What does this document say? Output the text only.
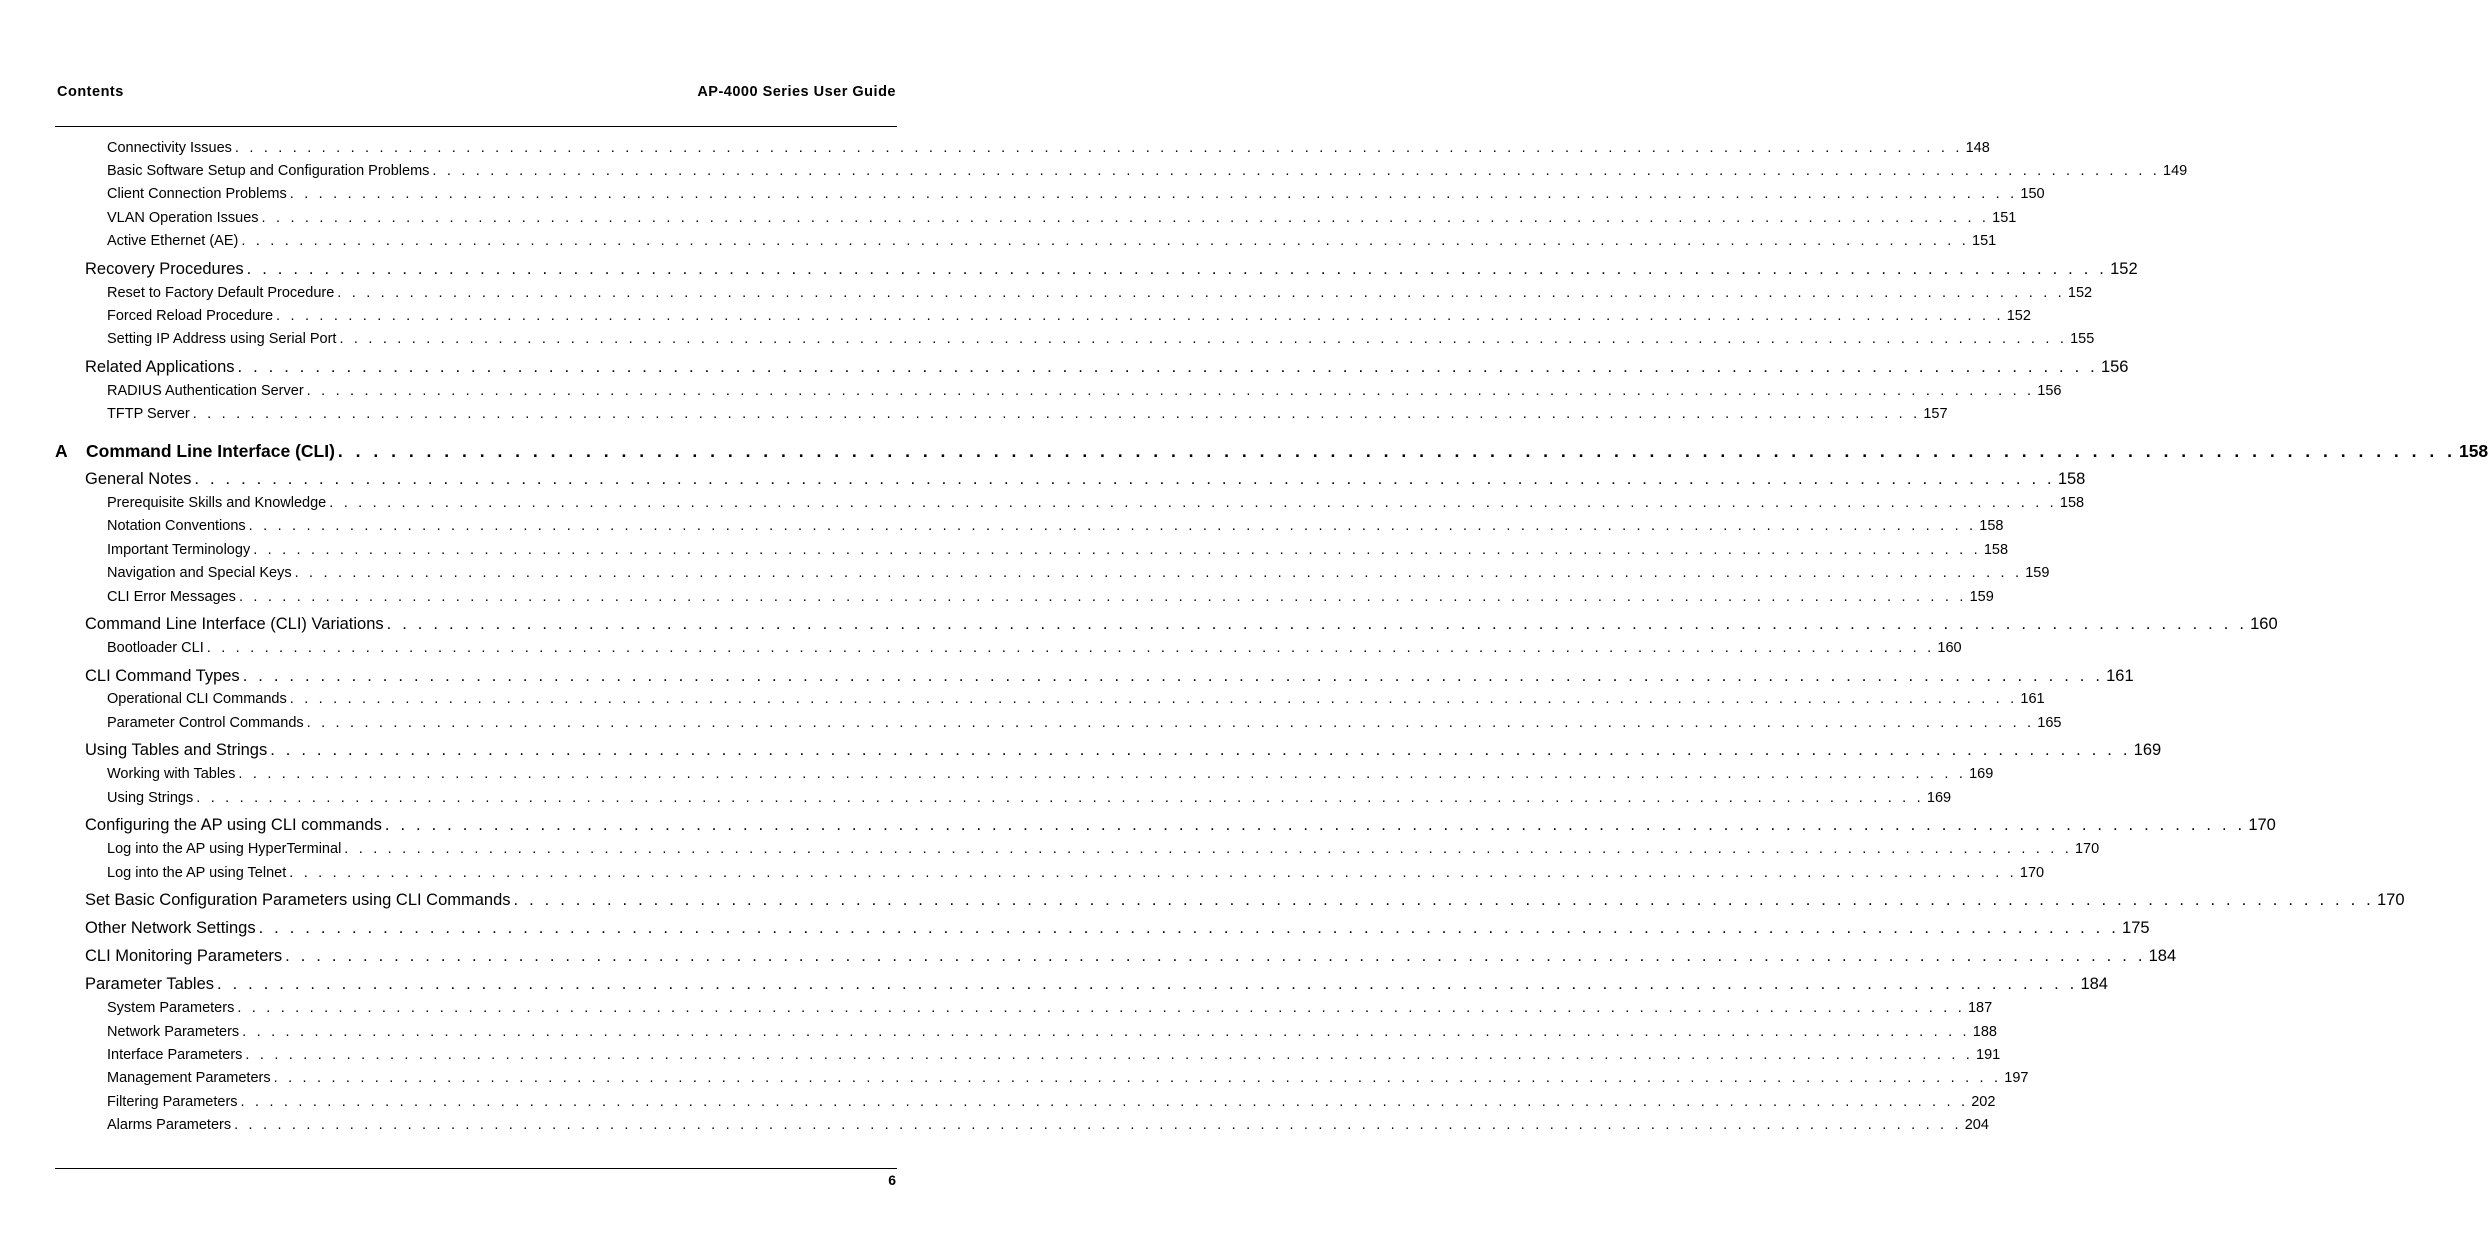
Contents	AP-4000 Series User Guide
Connectivity Issues . . . . . . . . . . . . . . . . . . . . . . . . . . . . . . . . . . . . . . . . . . . . . . . . . . . . . . . . . . . . . . . . . . . . . . . . . . . . . . . . . . . . . . . . . . . . . . . . . . . . . . . . . . . . . . . . . . . . . . . . 148
Basic Software Setup and Configuration Problems . . . . . . . . . . . . . . . . . . . . . . . . . . . . . . . . . . . . . . . . . . . . . . . . . . . . . . . . . . . . . . . . . . . . . . . . . . . . . . . . . . . . . . . . . . . . . . . . . . . . . . . . . . . . . . . . . . . . . . . . 149
Client Connection Problems . . . . . . . . . . . . . . . . . . . . . . . . . . . . . . . . . . . . . . . . . . . . . . . . . . . . . . . . . . . . . . . . . . . . . . . . . . . . . . . . . . . . . . . . . . . . . . . . . . . . . . . . . . . . . . . . . . . . . . . . 150
VLAN Operation Issues . . . . . . . . . . . . . . . . . . . . . . . . . . . . . . . . . . . . . . . . . . . . . . . . . . . . . . . . . . . . . . . . . . . . . . . . . . . . . . . . . . . . . . . . . . . . . . . . . . . . . . . . . . . . . . . . . . . . . . . . 151
Active Ethernet (AE) . . . . . . . . . . . . . . . . . . . . . . . . . . . . . . . . . . . . . . . . . . . . . . . . . . . . . . . . . . . . . . . . . . . . . . . . . . . . . . . . . . . . . . . . . . . . . . . . . . . . . . . . . . . . . . . . . . . . . . . . 151
Recovery Procedures . . . . . . . . . . . . . . . . . . . . . . . . . . . . . . . . . . . . . . . . . . . . . . . . . . . . . . . . . . . . . . . . . . . . . . . . . . . . . . . . . . . . . . . . . . . . . . . . . . . . . . . . . . . . . . . . . . . . . . . . 152
Reset to Factory Default Procedure . . . . . . . . . . . . . . . . . . . . . . . . . . . . . . . . . . . . . . . . . . . . . . . . . . . . . . . . . . . . . . . . . . . . . . . . . . . . . . . . . . . . . . . . . . . . . . . . . . . . . . . . . . . . . . . . . . . . . . . . 152
Forced Reload Procedure . . . . . . . . . . . . . . . . . . . . . . . . . . . . . . . . . . . . . . . . . . . . . . . . . . . . . . . . . . . . . . . . . . . . . . . . . . . . . . . . . . . . . . . . . . . . . . . . . . . . . . . . . . . . . . . . . . . . . . . . 152
Setting IP Address using Serial Port . . . . . . . . . . . . . . . . . . . . . . . . . . . . . . . . . . . . . . . . . . . . . . . . . . . . . . . . . . . . . . . . . . . . . . . . . . . . . . . . . . . . . . . . . . . . . . . . . . . . . . . . . . . . . . . . . . . . . . . . 155
Related Applications . . . . . . . . . . . . . . . . . . . . . . . . . . . . . . . . . . . . . . . . . . . . . . . . . . . . . . . . . . . . . . . . . . . . . . . . . . . . . . . . . . . . . . . . . . . . . . . . . . . . . . . . . . . . . . . . . . . . . . . . 156
RADIUS Authentication Server . . . . . . . . . . . . . . . . . . . . . . . . . . . . . . . . . . . . . . . . . . . . . . . . . . . . . . . . . . . . . . . . . . . . . . . . . . . . . . . . . . . . . . . . . . . . . . . . . . . . . . . . . . . . . . . . . . . . . . . . 156
TFTP Server . . . . . . . . . . . . . . . . . . . . . . . . . . . . . . . . . . . . . . . . . . . . . . . . . . . . . . . . . . . . . . . . . . . . . . . . . . . . . . . . . . . . . . . . . . . . . . . . . . . . . . . . . . . . . . . . . . . . . . . . 157
A Command Line Interface (CLI) . . . . . . . . . . . . . . . . . . . . . . . . . . . . . . . . . . . . . . . . . . . . . . . . . . . . . . . . . . . . . . . . . . . . . . . . . . . . . . . . . . . . . . . . . . . . . . . . . . . . . . . . . . . . . . . . . . . . . . . . 158
General Notes . . . . . . . . . . . . . . . . . . . . . . . . . . . . . . . . . . . . . . . . . . . . . . . . . . . . . . . . . . . . . . . . . . . . . . . . . . . . . . . . . . . . . . . . . . . . . . . . . . . . . . . . . . . . . . . . . . . . . . . . 158
Prerequisite Skills and Knowledge . . . . . . . . . . . . . . . . . . . . . . . . . . . . . . . . . . . . . . . . . . . . . . . . . . . . . . . . . . . . . . . . . . . . . . . . . . . . . . . . . . . . . . . . . . . . . . . . . . . . . . . . . . . . . . . . . . . . . . . . 158
Notation Conventions . . . . . . . . . . . . . . . . . . . . . . . . . . . . . . . . . . . . . . . . . . . . . . . . . . . . . . . . . . . . . . . . . . . . . . . . . . . . . . . . . . . . . . . . . . . . . . . . . . . . . . . . . . . . . . . . . . . . . . . . 158
Important Terminology . . . . . . . . . . . . . . . . . . . . . . . . . . . . . . . . . . . . . . . . . . . . . . . . . . . . . . . . . . . . . . . . . . . . . . . . . . . . . . . . . . . . . . . . . . . . . . . . . . . . . . . . . . . . . . . . . . . . . . . . 158
Navigation and Special Keys . . . . . . . . . . . . . . . . . . . . . . . . . . . . . . . . . . . . . . . . . . . . . . . . . . . . . . . . . . . . . . . . . . . . . . . . . . . . . . . . . . . . . . . . . . . . . . . . . . . . . . . . . . . . . . . . . . . . . . . . 159
CLI Error Messages . . . . . . . . . . . . . . . . . . . . . . . . . . . . . . . . . . . . . . . . . . . . . . . . . . . . . . . . . . . . . . . . . . . . . . . . . . . . . . . . . . . . . . . . . . . . . . . . . . . . . . . . . . . . . . . . . . . . . . . . 159
Command Line Interface (CLI) Variations . . . . . . . . . . . . . . . . . . . . . . . . . . . . . . . . . . . . . . . . . . . . . . . . . . . . . . . . . . . . . . . . . . . . . . . . . . . . . . . . . . . . . . . . . . . . . . . . . . . . . . . . . . . . . . . . . . . . . . . . 160
Bootloader CLI . . . . . . . . . . . . . . . . . . . . . . . . . . . . . . . . . . . . . . . . . . . . . . . . . . . . . . . . . . . . . . . . . . . . . . . . . . . . . . . . . . . . . . . . . . . . . . . . . . . . . . . . . . . . . . . . . . . . . . . . 160
CLI Command Types . . . . . . . . . . . . . . . . . . . . . . . . . . . . . . . . . . . . . . . . . . . . . . . . . . . . . . . . . . . . . . . . . . . . . . . . . . . . . . . . . . . . . . . . . . . . . . . . . . . . . . . . . . . . . . . . . . . . . . . . 161
Operational CLI Commands . . . . . . . . . . . . . . . . . . . . . . . . . . . . . . . . . . . . . . . . . . . . . . . . . . . . . . . . . . . . . . . . . . . . . . . . . . . . . . . . . . . . . . . . . . . . . . . . . . . . . . . . . . . . . . . . . . . . . . . . 161
Parameter Control Commands . . . . . . . . . . . . . . . . . . . . . . . . . . . . . . . . . . . . . . . . . . . . . . . . . . . . . . . . . . . . . . . . . . . . . . . . . . . . . . . . . . . . . . . . . . . . . . . . . . . . . . . . . . . . . . . . . . . . . . . . 165
Using Tables and Strings . . . . . . . . . . . . . . . . . . . . . . . . . . . . . . . . . . . . . . . . . . . . . . . . . . . . . . . . . . . . . . . . . . . . . . . . . . . . . . . . . . . . . . . . . . . . . . . . . . . . . . . . . . . . . . . . . . . . . . . . 169
Working with Tables . . . . . . . . . . . . . . . . . . . . . . . . . . . . . . . . . . . . . . . . . . . . . . . . . . . . . . . . . . . . . . . . . . . . . . . . . . . . . . . . . . . . . . . . . . . . . . . . . . . . . . . . . . . . . . . . . . . . . . . . 169
Using Strings . . . . . . . . . . . . . . . . . . . . . . . . . . . . . . . . . . . . . . . . . . . . . . . . . . . . . . . . . . . . . . . . . . . . . . . . . . . . . . . . . . . . . . . . . . . . . . . . . . . . . . . . . . . . . . . . . . . . . . . . 169
Configuring the AP using CLI commands . . . . . . . . . . . . . . . . . . . . . . . . . . . . . . . . . . . . . . . . . . . . . . . . . . . . . . . . . . . . . . . . . . . . . . . . . . . . . . . . . . . . . . . . . . . . . . . . . . . . . . . . . . . . . . . . . . . . . . . . 170
Log into the AP using HyperTerminal . . . . . . . . . . . . . . . . . . . . . . . . . . . . . . . . . . . . . . . . . . . . . . . . . . . . . . . . . . . . . . . . . . . . . . . . . . . . . . . . . . . . . . . . . . . . . . . . . . . . . . . . . . . . . . . . . . . . . . . . 170
Log into the AP using Telnet . . . . . . . . . . . . . . . . . . . . . . . . . . . . . . . . . . . . . . . . . . . . . . . . . . . . . . . . . . . . . . . . . . . . . . . . . . . . . . . . . . . . . . . . . . . . . . . . . . . . . . . . . . . . . . . . . . . . . . . . 170
Set Basic Configuration Parameters using CLI Commands . . . . . . . . . . . . . . . . . . . . . . . . . . . . . . . . . . . . . . . . . . . . . . . . . . . . . . . . . . . . . . . . . . . . . . . . . . . . . . . . . . . . . . . . . . . . . . . . . . . . . . . . . . . . . . . . . . . . . . . . 170
Other Network Settings . . . . . . . . . . . . . . . . . . . . . . . . . . . . . . . . . . . . . . . . . . . . . . . . . . . . . . . . . . . . . . . . . . . . . . . . . . . . . . . . . . . . . . . . . . . . . . . . . . . . . . . . . . . . . . . . . . . . . . . . 175
CLI Monitoring Parameters . . . . . . . . . . . . . . . . . . . . . . . . . . . . . . . . . . . . . . . . . . . . . . . . . . . . . . . . . . . . . . . . . . . . . . . . . . . . . . . . . . . . . . . . . . . . . . . . . . . . . . . . . . . . . . . . . . . . . . . . 184
Parameter Tables . . . . . . . . . . . . . . . . . . . . . . . . . . . . . . . . . . . . . . . . . . . . . . . . . . . . . . . . . . . . . . . . . . . . . . . . . . . . . . . . . . . . . . . . . . . . . . . . . . . . . . . . . . . . . . . . . . . . . . . . 184
System Parameters . . . . . . . . . . . . . . . . . . . . . . . . . . . . . . . . . . . . . . . . . . . . . . . . . . . . . . . . . . . . . . . . . . . . . . . . . . . . . . . . . . . . . . . . . . . . . . . . . . . . . . . . . . . . . . . . . . . . . . . . 187
Network Parameters . . . . . . . . . . . . . . . . . . . . . . . . . . . . . . . . . . . . . . . . . . . . . . . . . . . . . . . . . . . . . . . . . . . . . . . . . . . . . . . . . . . . . . . . . . . . . . . . . . . . . . . . . . . . . . . . . . . . . . . . 188
Interface Parameters . . . . . . . . . . . . . . . . . . . . . . . . . . . . . . . . . . . . . . . . . . . . . . . . . . . . . . . . . . . . . . . . . . . . . . . . . . . . . . . . . . . . . . . . . . . . . . . . . . . . . . . . . . . . . . . . . . . . . . . . 191
Management Parameters . . . . . . . . . . . . . . . . . . . . . . . . . . . . . . . . . . . . . . . . . . . . . . . . . . . . . . . . . . . . . . . . . . . . . . . . . . . . . . . . . . . . . . . . . . . . . . . . . . . . . . . . . . . . . . . . . . . . . . . . 197
Filtering Parameters . . . . . . . . . . . . . . . . . . . . . . . . . . . . . . . . . . . . . . . . . . . . . . . . . . . . . . . . . . . . . . . . . . . . . . . . . . . . . . . . . . . . . . . . . . . . . . . . . . . . . . . . . . . . . . . . . . . . . . . . 202
Alarms Parameters . . . . . . . . . . . . . . . . . . . . . . . . . . . . . . . . . . . . . . . . . . . . . . . . . . . . . . . . . . . . . . . . . . . . . . . . . . . . . . . . . . . . . . . . . . . . . . . . . . . . . . . . . . . . . . . . . . . . . . . . 204
6
